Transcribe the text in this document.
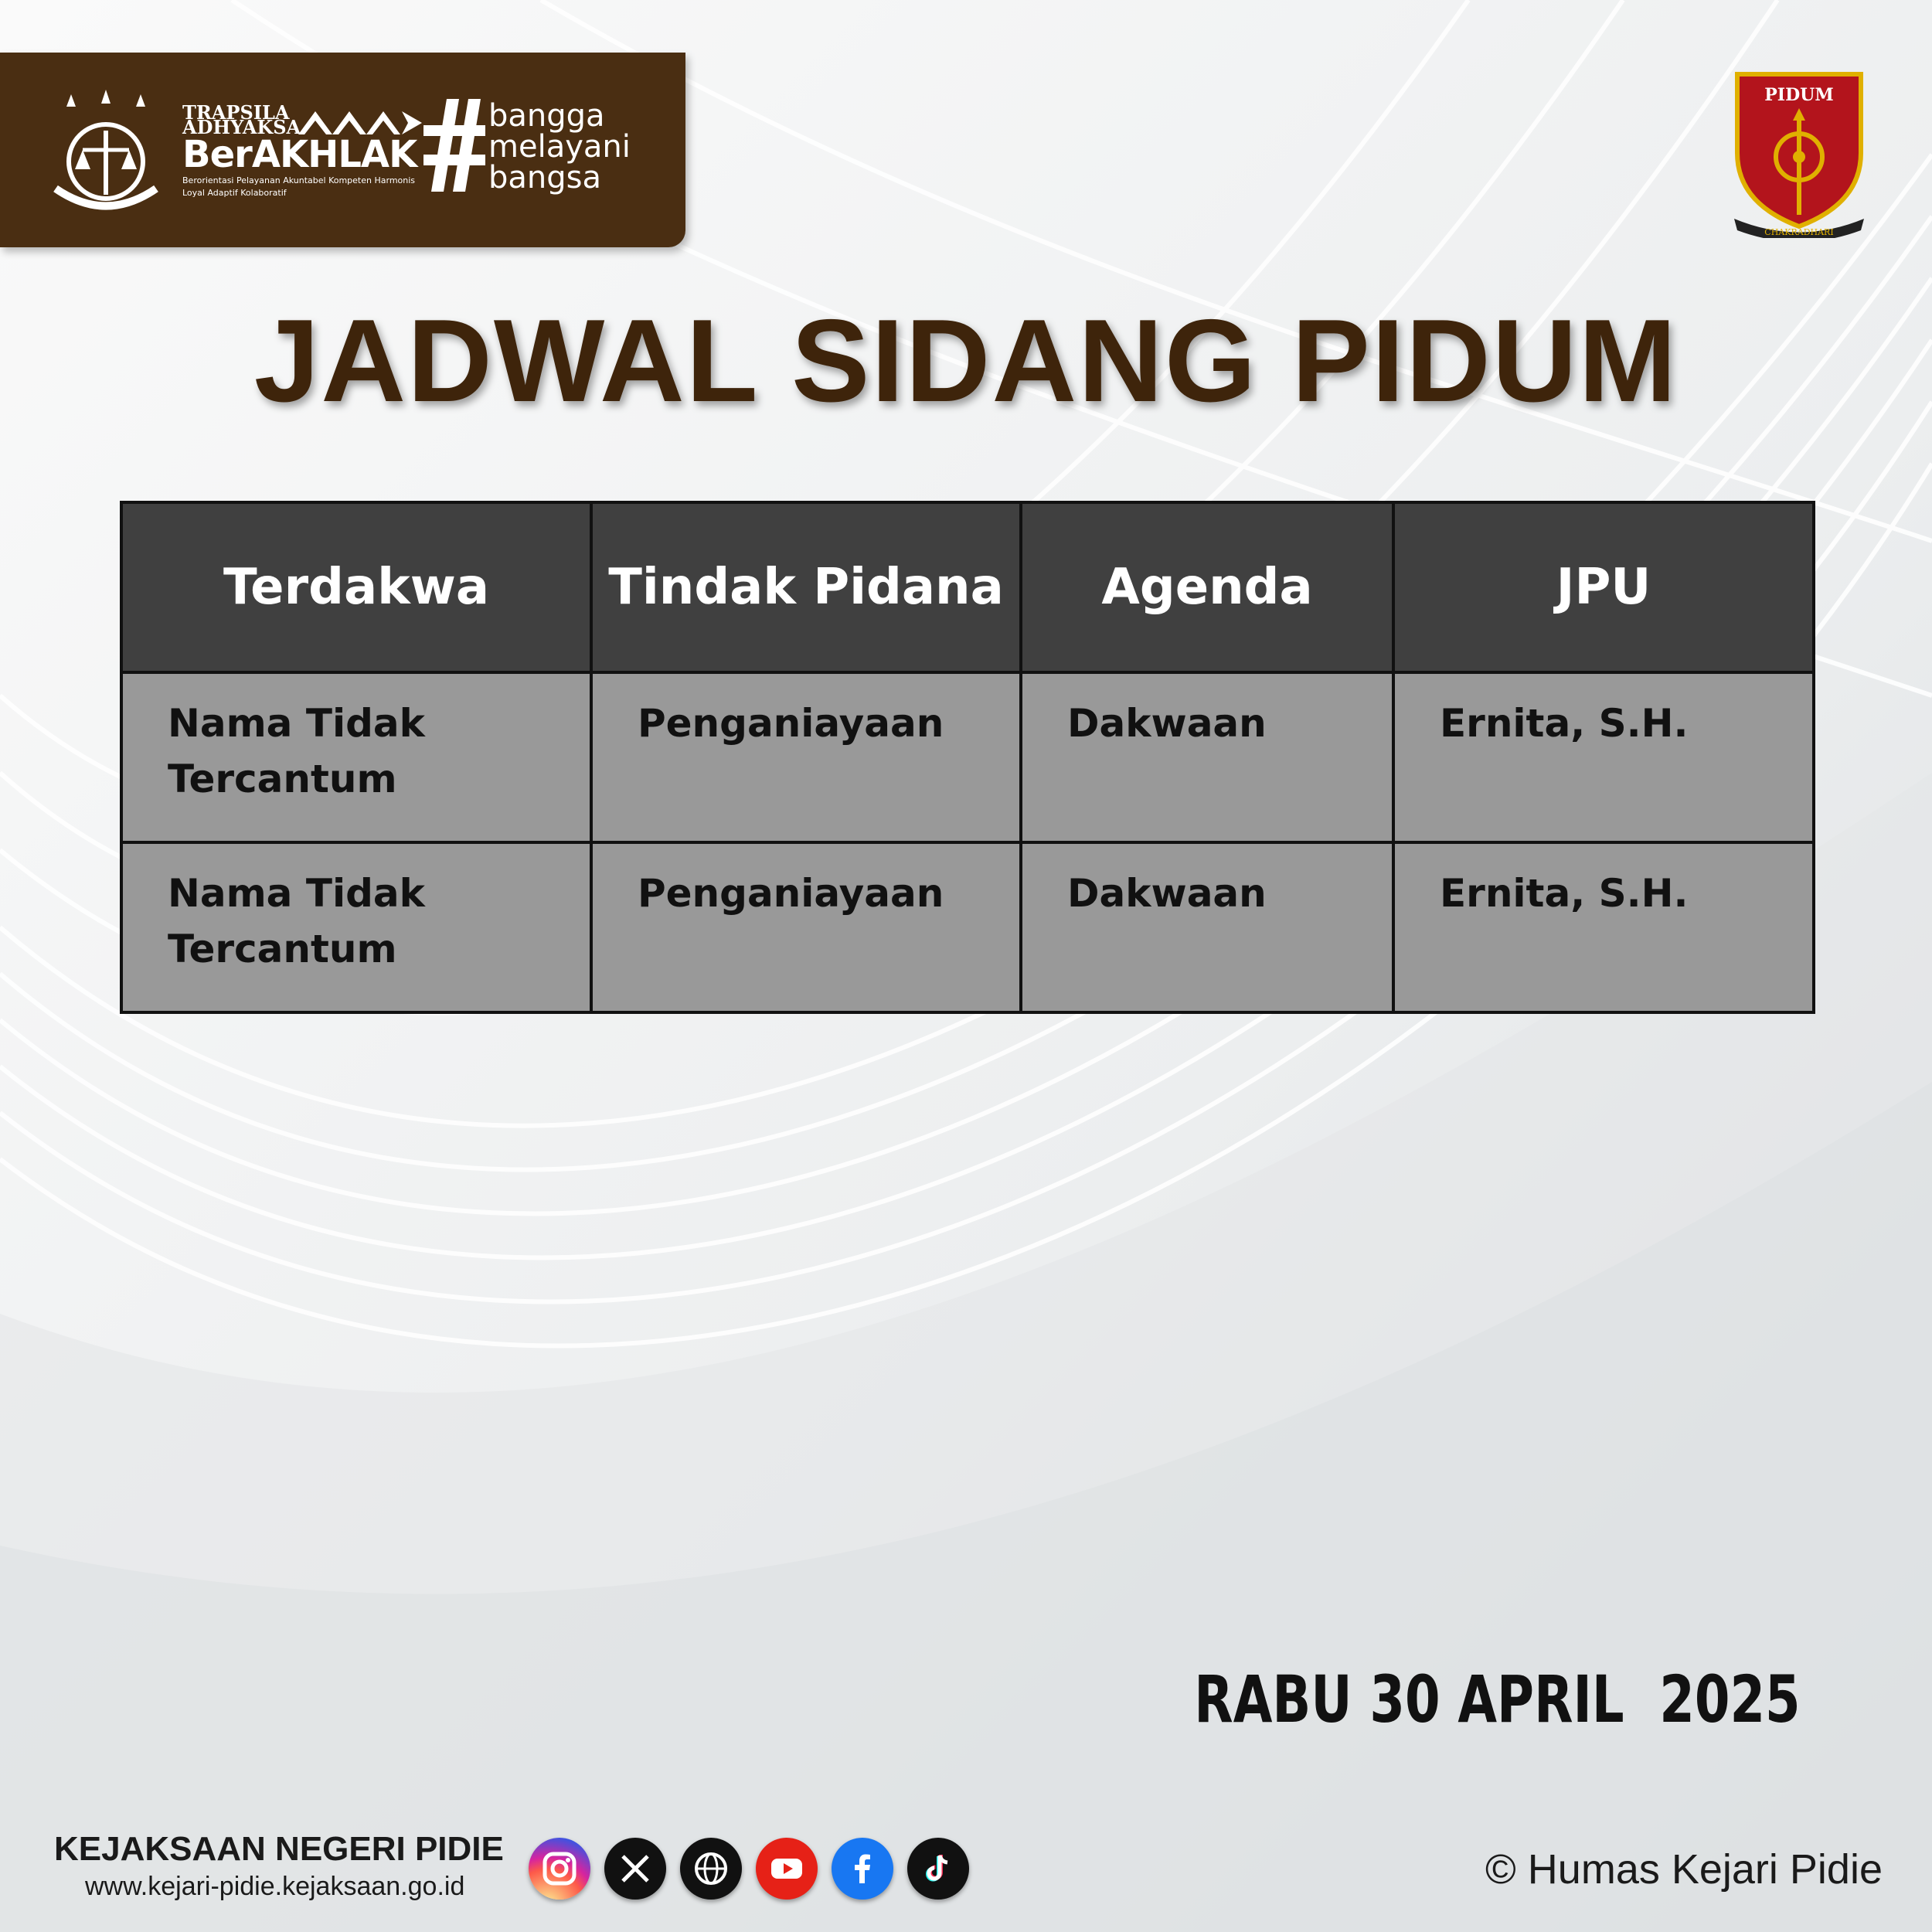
TRAPSILA ADHYAKSA
BerAKHLAK
Berorientasi Pelayanan Akuntabel Kompeten Harmonis Loyal Adaptif Kolaboratif
bangga
melayani
bangsa
PIDUM
CHAKRADHARI
JADWAL SIDANG PIDUM
Terdakwa	Tindak Pidana	Agenda	JPU
Nama Tidak Tercantum	Penganiayaan	Dakwaan	Ernita, S.H.
Nama Tidak Tercantum	Penganiayaan	Dakwaan	Ernita, S.H.
RABU 30 APRIL  2025
KEJAKSAAN NEGERI PIDIE
www.kejari-pidie.kejaksaan.go.id	© Humas Kejari Pidie
